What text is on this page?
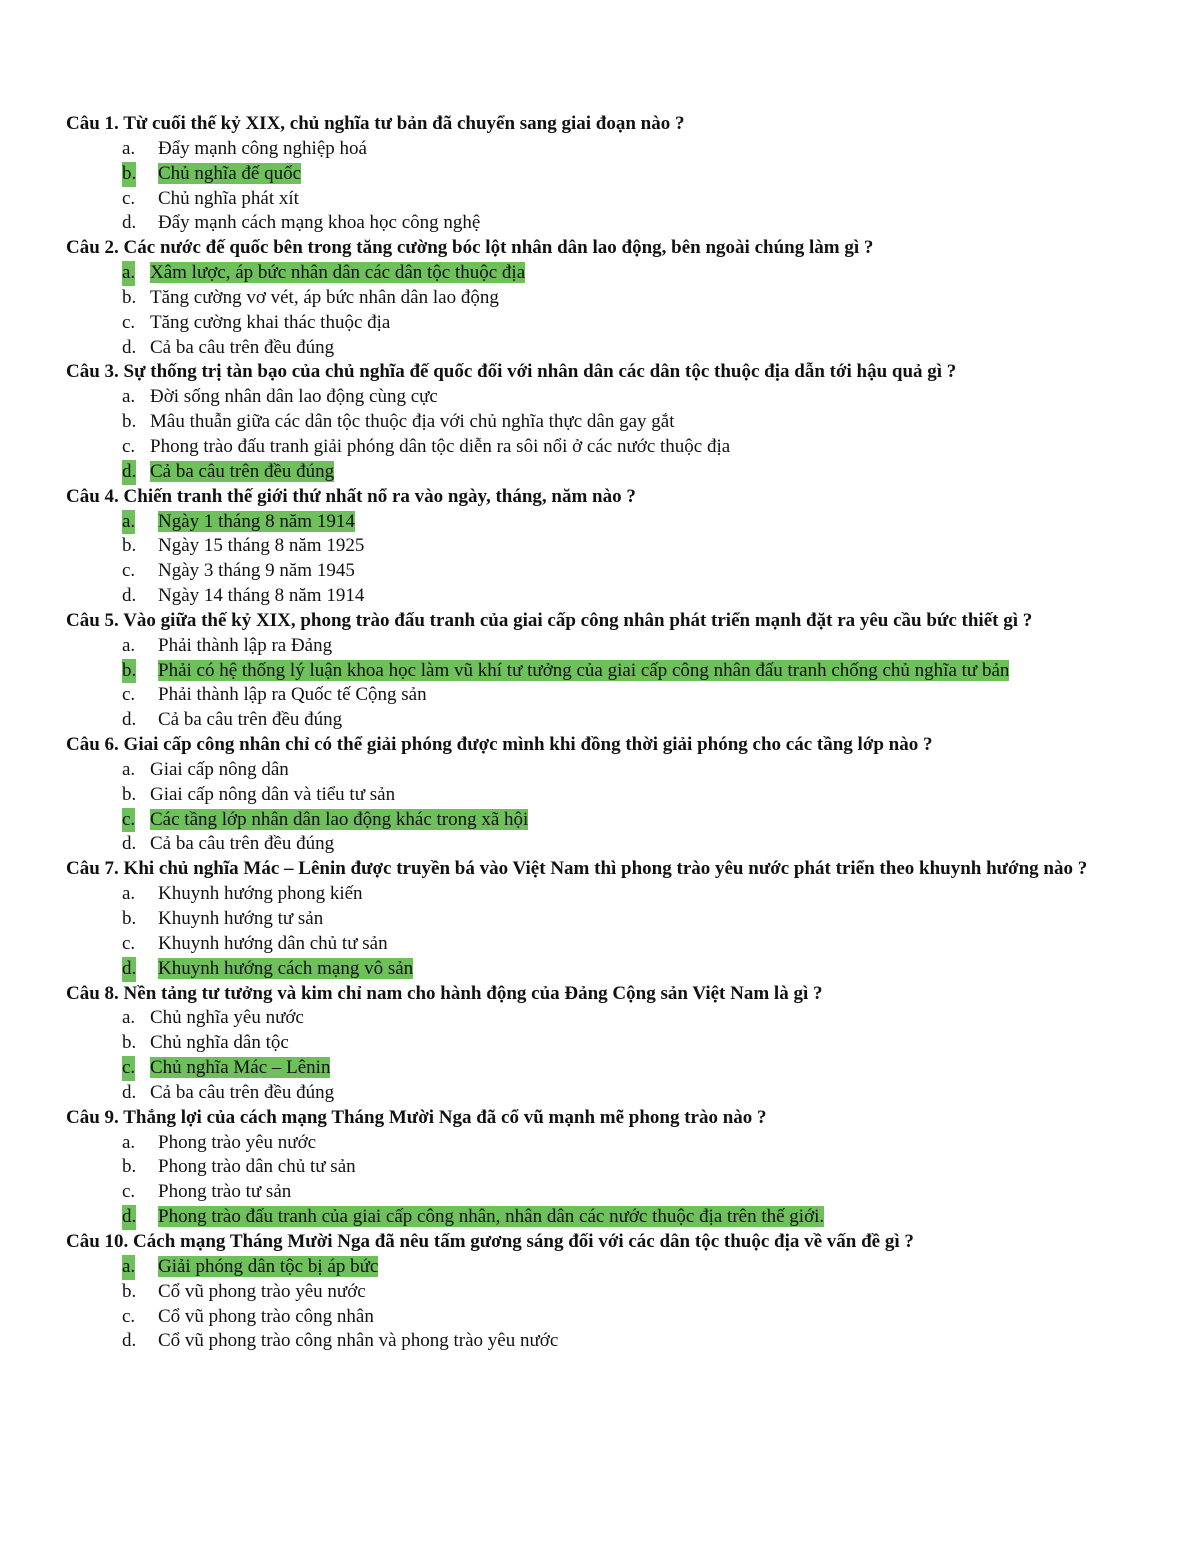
Câu 1. Từ cuối thế kỷ XIX, chủ nghĩa tư bản đã chuyển sang giai đoạn nào ?

a. Đẩy mạnh công nghiệp hoá
b. Chủ nghĩa đế quốc
c. Chủ nghĩa phát xít
d. Đẩy mạnh cách mạng khoa học công nghệ

Câu 2. Các nước đế quốc bên trong tăng cường bóc lột nhân dân lao động, bên ngoài chúng làm gì ?

a. Xâm lược, áp bức nhân dân các dân tộc thuộc địa
b. Tăng cường vơ vét, áp bức nhân dân lao động
c. Tăng cường khai thác thuộc địa
d. Cả ba câu trên đều đúng

Câu 3. Sự thống trị tàn bạo của chủ nghĩa đế quốc đối với nhân dân các dân tộc thuộc địa dẫn tới hậu quả gì ?

a. Đời sống nhân dân lao động cùng cực
b. Mâu thuẫn giữa các dân tộc thuộc địa với chủ nghĩa thực dân gay gắt
c. Phong trào đấu tranh giải phóng dân tộc diễn ra sôi nổi ở các nước thuộc địa
d. Cả ba câu trên đều đúng

Câu 4. Chiến tranh thế giới thứ nhất nổ ra vào ngày, tháng, năm nào ?

a. Ngày 1 tháng 8 năm 1914
b. Ngày 15 tháng 8 năm 1925
c. Ngày 3 tháng 9 năm 1945
d. Ngày 14 tháng 8 năm 1914

Câu 5. Vào giữa thế kỷ XIX, phong trào đấu tranh của giai cấp công nhân phát triển mạnh đặt ra yêu cầu bức thiết gì ?

a. Phải thành lập ra Đảng
b. Phải có hệ thống lý luận khoa học làm vũ khí tư tưởng của giai cấp công nhân đấu tranh chống chủ nghĩa tư bản
c. Phải thành lập ra Quốc tế Cộng sản
d. Cả ba câu trên đều đúng

Câu 6. Giai cấp công nhân chỉ có thể giải phóng được mình khi đồng thời giải phóng cho các tầng lớp nào ?

a. Giai cấp nông dân
b. Giai cấp nông dân và tiểu tư sản
c. Các tầng lớp nhân dân lao động khác trong xã hội
d. Cả ba câu trên đều đúng

Câu 7. Khi chủ nghĩa Mác – Lênin được truyền bá vào Việt Nam thì phong trào yêu nước phát triển theo khuynh hướng nào ?

a. Khuynh hướng phong kiến
b. Khuynh hướng tư sản
c. Khuynh hướng dân chủ tư sản
d. Khuynh hướng cách mạng vô sản

Câu 8. Nền tảng tư tưởng và kim chỉ nam cho hành động của Đảng Cộng sản Việt Nam là gì ?

a. Chủ nghĩa yêu nước
b. Chủ nghĩa dân tộc
c. Chủ nghĩa Mác – Lênin
d. Cả ba câu trên đều đúng

Câu 9. Thắng lợi của cách mạng Tháng Mười Nga đã cổ vũ mạnh mẽ phong trào nào ?

a. Phong trào yêu nước
b. Phong trào dân chủ tư sản
c. Phong trào tư sản
d. Phong trào đấu tranh của giai cấp công nhân, nhân dân các nước thuộc địa trên thế giới.

Câu 10. Cách mạng Tháng Mười Nga đã nêu tấm gương sáng đối với các dân tộc thuộc địa về vấn đề gì ?

a. Giải phóng dân tộc bị áp bức
b. Cổ vũ phong trào yêu nước
c. Cổ vũ phong trào công nhân
d. Cổ vũ phong trào công nhân và phong trào yêu nước
